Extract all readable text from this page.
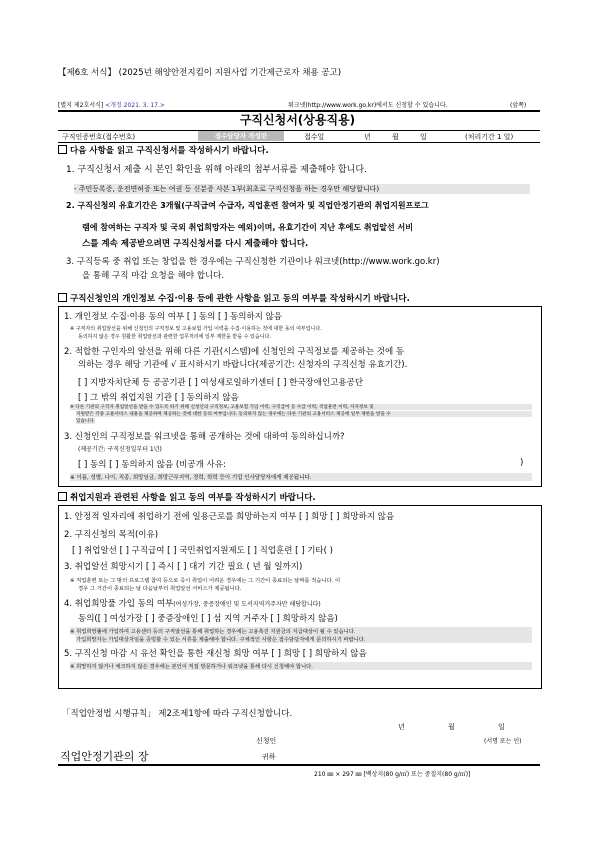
【제6호 서식】 (2025년 해양안전지킴이 지원사업 기간제근로자 채용 공고)
[별지 제2호서식] <개정 2021. 3. 17.>	워크넷(http://www.work.go.kr)에서도 신청할 수 있습니다.	(앞쪽)
구직신청서(상용직용)
구직인증번호(접수번호)	접수담당자 작성란	접수일	년	월	일	(처리기간 1 일)
다음 사항을 읽고 구직신청서를 작성하시기 바랍니다.
1. 구직신청서 제출 시 본인 확인을 위해 아래의 첨부서류를 제출해야 합니다.
- 주민등록증, 운전면허증 또는 여권 등 신분증 사본 1부(최초로 구직신청을 하는 경우만 해당합니다)
2. 구직신청의 유효기간은 3개월(구직급여 수급자, 직업훈련 참여자 및 직업안정기관의 취업지원프로그
램에 참여하는 구직자 및 국외 취업희망자는 예외)이며, 유효기간이 지난 후에도 취업알선 서비
스를 계속 제공받으려면 구직신청서를 다시 제출해야 합니다.
3. 구직등록 중 취업 또는 창업을 한 경우에는 구직신청한 기관이나 워크넷(http://www.work.go.kr)
을 통해 구직 마감 요청을 해야 합니다.
구직신청인의 개인정보 수집·이용 등에 관한 사항을 읽고 동의 여부를 작성하시기 바랍니다.
1. 개인정보 수집·이용 동의 여부 [ ] 동의 [ ] 동의하지 않음
※ 구직자의 취업알선을 위해 신청인의 구직정보 및 고용보험 가입 이력을 수집·이용하는 것에 대한 동의 여부입니다.
동의하지 않은 경우 원활한 취업알선과 관련한 업무처리에 일부 제한을 받을 수 있습니다.
2. 적합한 구인자의 알선을 위해 다른 기관(시스템)에 신청인의 구직정보를 제공하는 것에 동
의하는 경우 해당 기관에 √ 표시하시기 바랍니다(제공기간: 신청자의 구직신청 유효기간).
[ ] 지방자치단체 등 공공기관 [ ] 여성새로일하기센터 [ ] 한국장애인고용공단
[ ] 그 밖의 취업지원 기관 [ ] 동의하지 않음
※ 다른 기관의 구직자 취업알선을 받을 수 있도록 하기 위해 신청인의 구직정보, 고용보험 가입 이력, 구직급여 등 수급 이력, 직업훈련 이력, 자격정보 및
지원받은 각종 고용서비스 내용을 제공하며 제공하는 것에 대한 동의 여부입니다. 동의하지 않는 경우에는 다른 기관의 고용서비스 제공에 일부 제한을 받을 수
있습니다.
3. 신청인의 구직정보를 워크넷을 통해 공개하는 것에 대하여 동의하십니까?
(제공기간: 구직신청일부터 1년)
[ ] 동의 [ ] 동의하지 않음 (비공개 사유:	)
※ 이름, 성별, 나이, 직종, 희망임금, 희망근무지역, 경력, 학력 등이 기업 인사담당자에게 제공됩니다.
취업지원과 관련된 사항을 읽고 동의 여부를 작성하시기 바랍니다.
1. 안정적 일자리에 취업하기 전에 일용근로를 희망하는지 여부 [ ] 희망 [ ] 희망하지 않음
2. 구직신청의 목적(이유)
[ ] 취업알선 [ ] 구직급여 [ ] 국민취업지원제도 [ ] 직업훈련 [ ] 기타( )
3. 취업알선 희망시기 [ ] 즉시 [ ] 대기 기간 필요 ( 년 월 일까지)
※ 직업훈련 또는 그 밖의 프로그램 참여 등으로 즉시 취업이 어려운 경우에는 그 기간이 종료되는 날짜를 적습니다. 이
경우 그 기간이 종료되는 날 다음날부터 취업알선 서비스가 제공됩니다.
4. 취업희망풀 가입 동의 여부(여성가장, 중증장애인 및 도서지역거주자만 해당합니다)
동의([ ] 여성가장 [ ] 중증장애인 [ ] 섬 지역 거주자 [ ] 희망하지 않음)
※ 취업희망풀에 가입하여 고용센터 등의 구직알선을 통해 취업하는 경우에는 고용촉진 지원금의 지급대상이 될 수 있습니다.
가입희망자는 가입대상자임을 증빙할 수 있는 서류를 제출해야 합니다. 구체적인 사항은 접수담당자에게 문의하시기 바랍니다.
5. 구직신청 마감 시 유선 확인을 통한 재신청 희망 여부 [ ] 희망 [ ] 희망하지 않음
※ 희망하지 않거나 체크하지 않은 경우에는 본인이 직접 방문하거나 워크넷을 통해 다시 신청해야 합니다.
「직업안정법 시행규칙」 제2조제1항에 따라 구직신청합니다.
년	월	일
신청인	(서명 또는 인)
직업안정기관의 장	귀하
210 ㎜ × 297 ㎜ [백상지(80 g/㎡) 또는 중질지(80 g/㎡)]
